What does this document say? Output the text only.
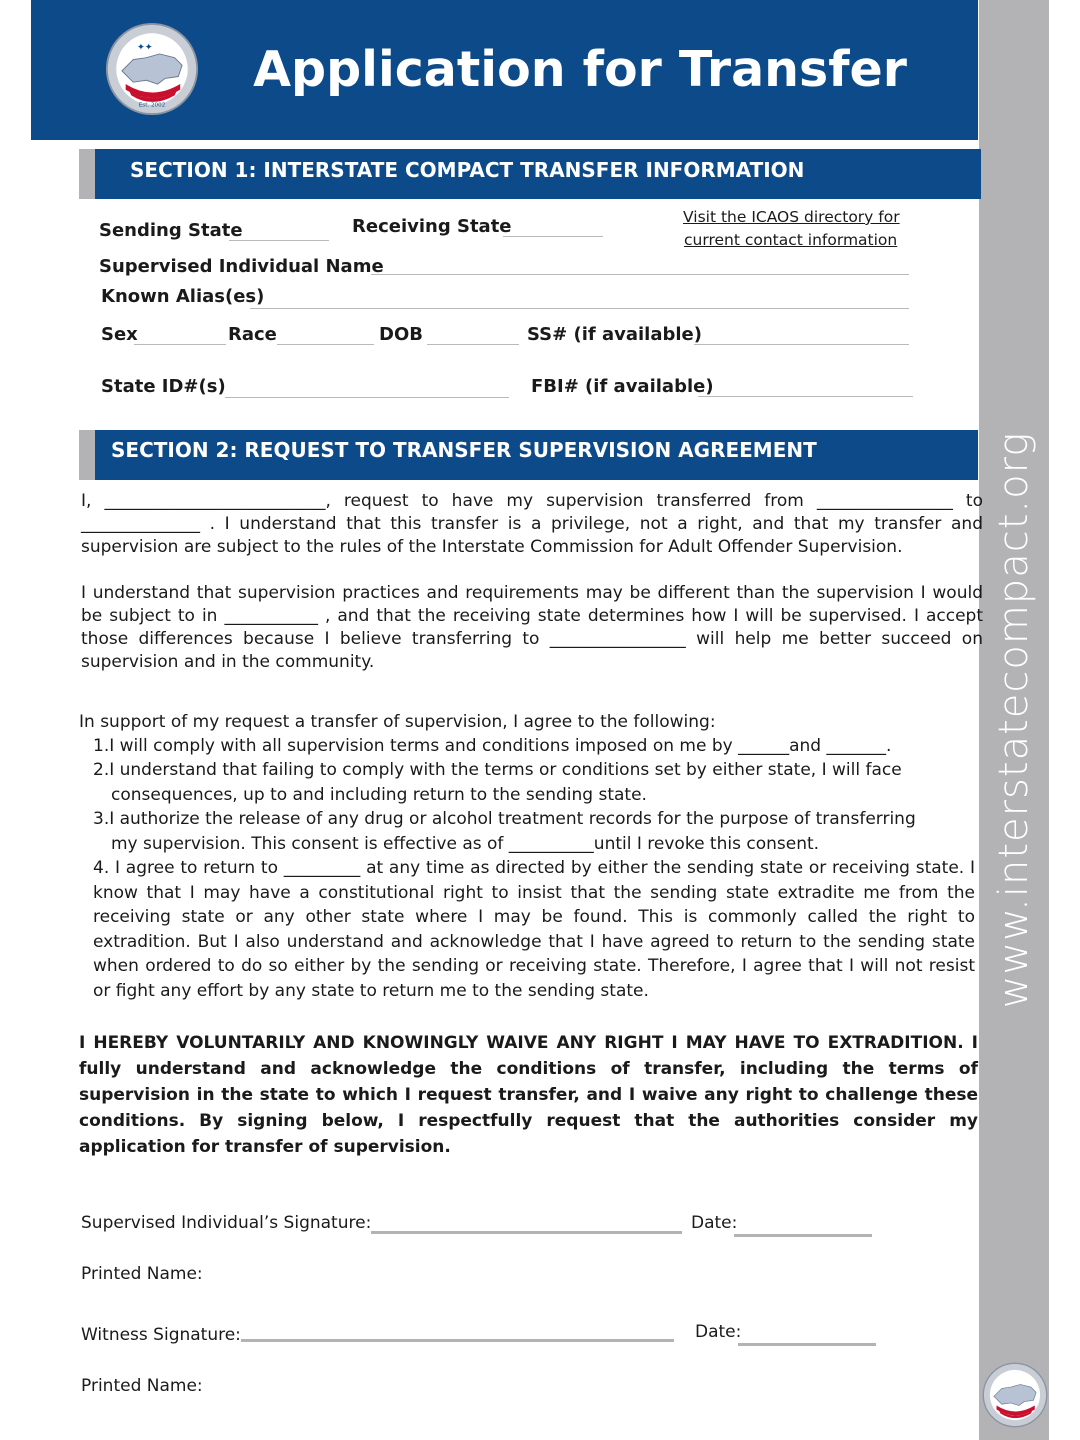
✦✦
Est. 2002
Application for Transfer
www.interstatecompact.org
SECTION 1: INTERSTATE COMPACT TRANSFER INFORMATION
Sending State	Receiving State	Visit the ICAOS directory for
current contact information
Supervised Individual Name
Known Alias(es)
Sex	Race	DOB	SS# (if available)
State ID#(s)	FBI# (if available)
SECTION 2: REQUEST TO TRANSFER SUPERVISION AGREEMENT
I, __________________________, request to have my supervision transferred from ________________ to ______________ . I understand that this transfer is a privilege, not a right, and that my transfer and supervision are subject to the rules of the Interstate Commission for Adult Offender Supervision.
I understand that supervision practices and requirements may be different than the supervision I would be subject to in ___________ , and that the receiving state determines how I will be supervised. I accept those differences because I believe transferring to ________________ will help me better succeed on supervision and in the community.
In support of my request a transfer of supervision, I agree to the following:
1.I will comply with all supervision terms and conditions imposed on me by ______and _______.
2.I understand that failing to comply with the terms or conditions set by either state, I will face
consequences, up to and including return to the sending state.
3.I authorize the release of any drug or alcohol treatment records for the purpose of transferring
my supervision. This consent is effective as of __________until I revoke this consent.
4. I agree to return to _________ at any time as directed by either the sending state or receiving state. I know that I may have a constitutional right to insist that the sending state extradite me from the receiving state or any other state where I may be found. This is commonly called the right to extradition. But I also understand and acknowledge that I have agreed to return to the sending state when ordered to do so either by the sending or receiving state. Therefore, I agree that I will not resist or fight any effort by any state to return me to the sending state.
I HEREBY VOLUNTARILY AND KNOWINGLY WAIVE ANY RIGHT I MAY HAVE TO EXTRADITION. I fully understand and acknowledge the conditions of transfer, including the terms of supervision in the state to which I request transfer, and I waive any right to challenge these conditions. By signing below, I respectfully request that the authorities consider my application for transfer of supervision.
Supervised Individual’s Signature:	Date:
Printed Name:
Witness Signature:	Date:
Printed Name:
